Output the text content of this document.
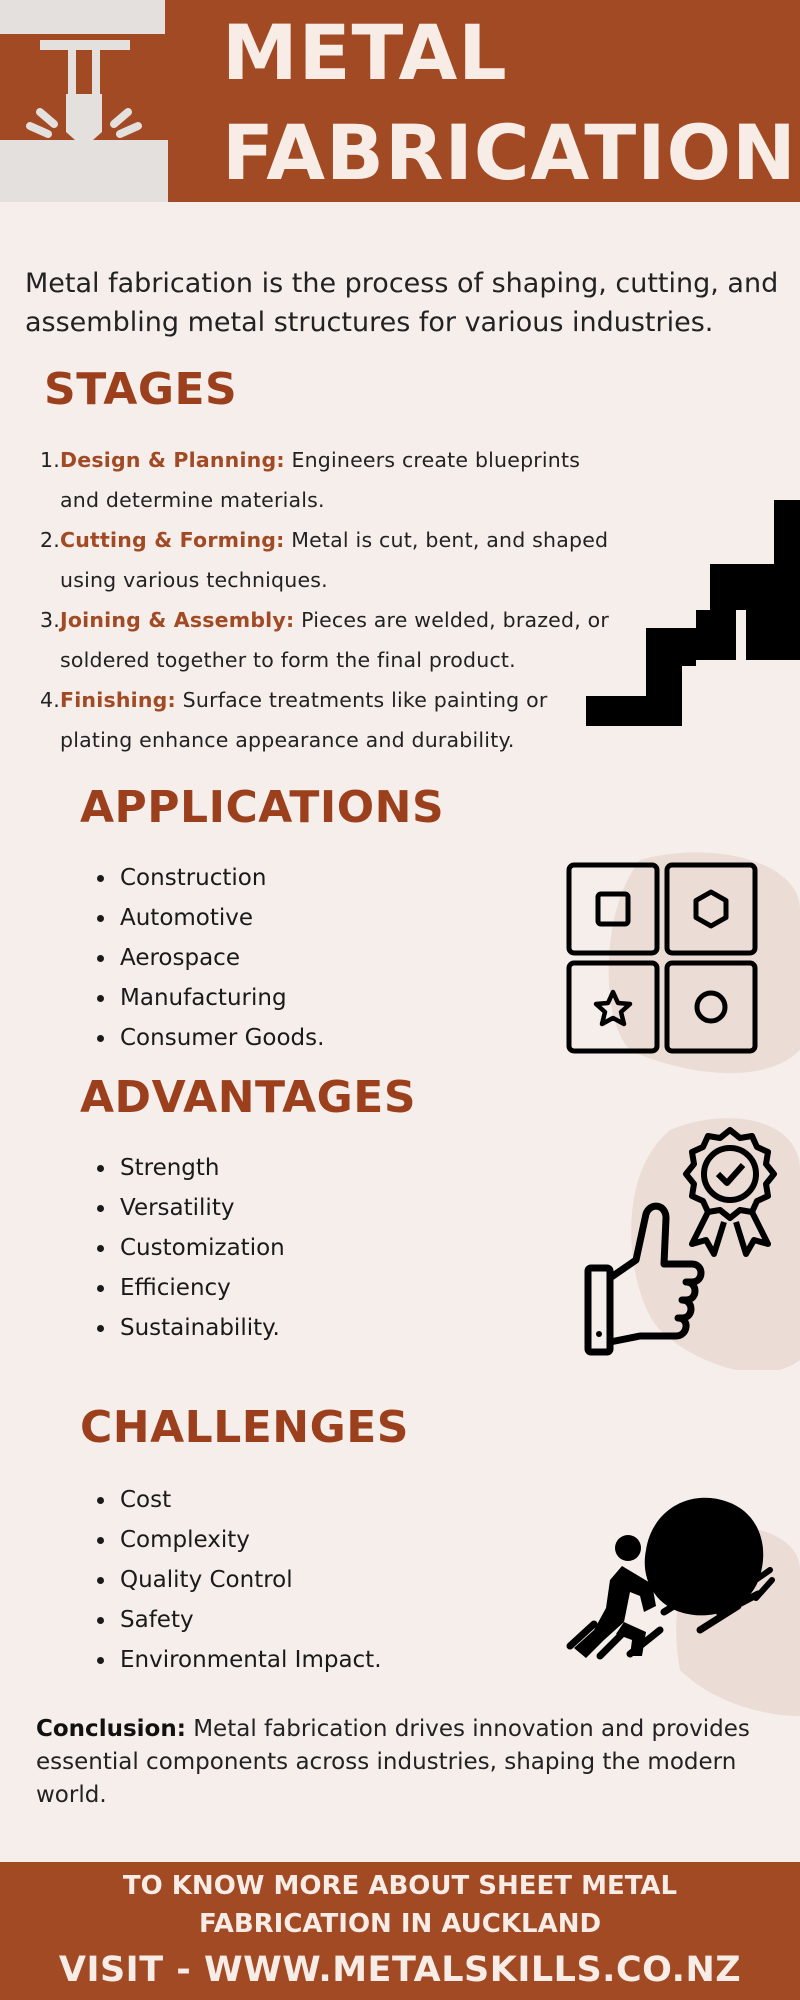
METAL
FABRICATION
Metal fabrication is the process of shaping, cutting, and assembling metal structures for various industries.
STAGES
1. Design & Planning: Engineers create blueprints and determine materials.
2. Cutting & Forming: Metal is cut, bent, and shaped using various techniques.
3. Joining & Assembly: Pieces are welded, brazed, or soldered together to form the final product.
4. Finishing: Surface treatments like painting or plating enhance appearance and durability.
APPLICATIONS
Construction
Automotive
Aerospace
Manufacturing
Consumer Goods.
ADVANTAGES
Strength
Versatility
Customization
Efficiency
Sustainability.
CHALLENGES
Cost
Complexity
Quality Control
Safety
Environmental Impact.
Conclusion: Metal fabrication drives innovation and provides essential components across industries, shaping the modern world.
TO KNOW MORE ABOUT SHEET METAL
FABRICATION IN AUCKLAND
VISIT - WWW.METALSKILLS.CO.NZ
